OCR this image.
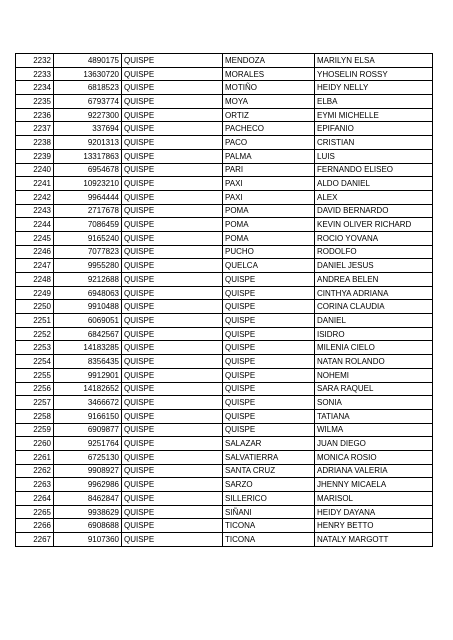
2232	4890175	QUISPE	MENDOZA	MARILYN ELSA
2233	13630720	QUISPE	MORALES	YHOSELIN ROSSY
2234	6818523	QUISPE	MOTIÑO	HEIDY NELLY
2235	6793774	QUISPE	MOYA	ELBA
2236	9227300	QUISPE	ORTIZ	EYMI MICHELLE
2237	337694	QUISPE	PACHECO	EPIFANIO
2238	9201313	QUISPE	PACO	CRISTIAN
2239	13317863	QUISPE	PALMA	LUIS
2240	6954678	QUISPE	PARI	FERNANDO ELISEO
2241	10923210	QUISPE	PAXI	ALDO DANIEL
2242	9964444	QUISPE	PAXI	ALEX
2243	2717678	QUISPE	POMA	DAVID BERNARDO
2244	7086459	QUISPE	POMA	KEVIN OLIVER RICHARD
2245	9165240	QUISPE	POMA	ROCIO YOVANA
2246	7077823	QUISPE	PUCHO	RODOLFO
2247	9955280	QUISPE	QUELCA	DANIEL JESUS
2248	9212688	QUISPE	QUISPE	ANDREA BELEN
2249	6948063	QUISPE	QUISPE	CINTHYA ADRIANA
2250	9910488	QUISPE	QUISPE	CORINA CLAUDIA
2251	6069051	QUISPE	QUISPE	DANIEL
2252	6842567	QUISPE	QUISPE	ISIDRO
2253	14183285	QUISPE	QUISPE	MILENIA CIELO
2254	8356435	QUISPE	QUISPE	NATAN ROLANDO
2255	9912901	QUISPE	QUISPE	NOHEMI
2256	14182652	QUISPE	QUISPE	SARA RAQUEL
2257	3466672	QUISPE	QUISPE	SONIA
2258	9166150	QUISPE	QUISPE	TATIANA
2259	6909877	QUISPE	QUISPE	WILMA
2260	9251764	QUISPE	SALAZAR	JUAN DIEGO
2261	6725130	QUISPE	SALVATIERRA	MONICA ROSIO
2262	9908927	QUISPE	SANTA CRUZ	ADRIANA VALERIA
2263	9962986	QUISPE	SARZO	JHENNY MICAELA
2264	8462847	QUISPE	SILLERICO	MARISOL
2265	9938629	QUISPE	SIÑANI	HEIDY DAYANA
2266	6908688	QUISPE	TICONA	HENRY BETTO
2267	9107360	QUISPE	TICONA	NATALY MARGOTT
